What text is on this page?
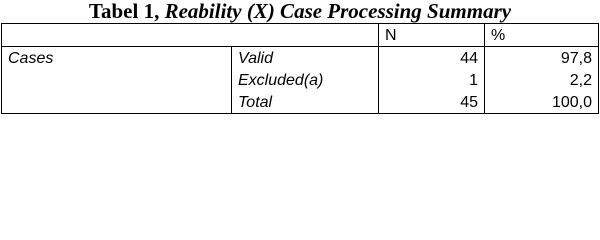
Tabel 1, Reability (X) Case Processing Summary
		N	%
Cases	Valid	44	97,8
	Excluded(a)	1	2,2
	Total	45	100,0
